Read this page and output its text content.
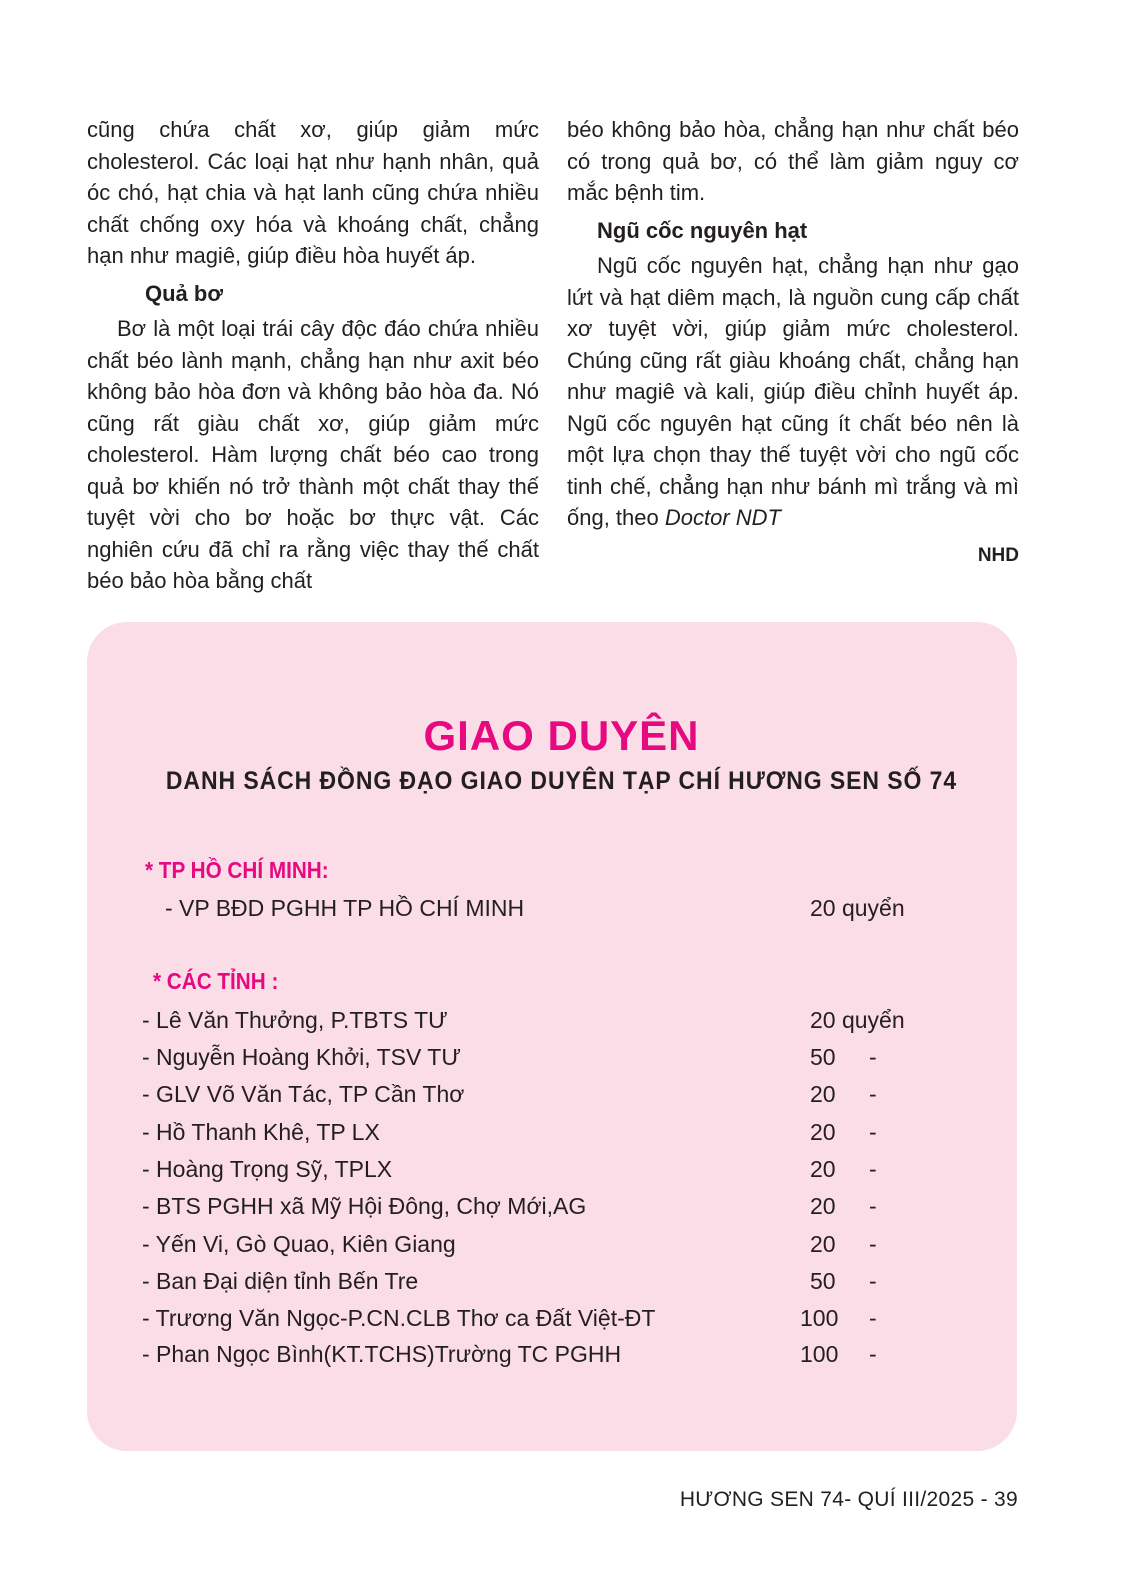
cũng chứa chất xơ, giúp giảm mức cholesterol. Các loại hạt như hạnh nhân, quả óc chó, hạt chia và hạt lanh cũng chứa nhiều chất chống oxy hóa và khoáng chất, chẳng hạn như magiê, giúp điều hòa huyết áp.

Quả bơ

Bơ là một loại trái cây độc đáo chứa nhiều chất béo lành mạnh, chẳng hạn như axit béo không bảo hòa đơn và không bảo hòa đa. Nó cũng rất giàu chất xơ, giúp giảm mức cholesterol. Hàm lượng chất béo cao trong quả bơ khiến nó trở thành một chất thay thế tuyệt vời cho bơ hoặc bơ thực vật. Các nghiên cứu đã chỉ ra rằng việc thay thế chất béo bảo hòa bằng chất

béo không bảo hòa, chẳng hạn như chất béo có trong quả bơ, có thể làm giảm nguy cơ mắc bệnh tim.

Ngũ cốc nguyên hạt

Ngũ cốc nguyên hạt, chẳng hạn như gạo lứt và hạt diêm mạch, là nguồn cung cấp chất xơ tuyệt vời, giúp giảm mức cholesterol. Chúng cũng rất giàu khoáng chất, chẳng hạn như magiê và kali, giúp điều chỉnh huyết áp. Ngũ cốc nguyên hạt cũng ít chất béo nên là một lựa chọn thay thế tuyệt vời cho ngũ cốc tinh chế, chẳng hạn như bánh mì trắng và mì ống, theo Doctor NDT

NHD

GIAO DUYÊN
DANH SÁCH ĐỒNG ĐẠO GIAO DUYÊN TẠP CHÍ HƯƠNG SEN SỐ 74
* TP HỒ CHÍ MINH:
- VP BĐD PGHH TP HỒ CHÍ MINH	20 quyển
* CÁC TỈNH :
- Lê Văn Thưởng, P.TBTS TƯ	20 quyển
- Nguyễn Hoàng Khởi, TSV TƯ	50 -
- GLV Võ Văn Tác, TP Cần Thơ	20 -
- Hồ Thanh Khê, TP LX	20 -
- Hoàng Trọng Sỹ, TPLX	20 -
- BTS PGHH xã Mỹ Hội Đông, Chợ Mới,AG	20 -
- Yến Vi, Gò Quao, Kiên Giang	20 -
- Ban Đại diện tỉnh Bến Tre	50 -
- Trương Văn Ngọc-P.CN.CLB Thơ ca Đất Việt-ĐT	100 -
- Phan Ngọc Bình(KT.TCHS)Trường TC PGHH	100 -
HƯƠNG SEN 74- QUÍ III/2025 - 39
